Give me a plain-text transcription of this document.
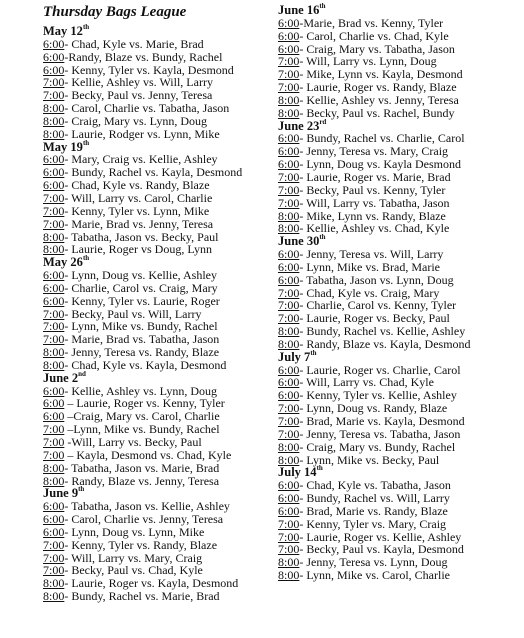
Thursday Bags League
May 12th
6:00- Chad, Kyle vs. Marie, Brad
6:00-Randy, Blaze vs. Bundy, Rachel
6:00- Kenny, Tyler vs. Kayla, Desmond
7:00- Kellie, Ashley vs. Will, Larry
7:00- Becky, Paul vs. Jenny, Teresa
8:00- Carol, Charlie vs. Tabatha, Jason
8:00- Craig, Mary vs. Lynn, Doug
8:00- Laurie, Rodger vs. Lynn, Mike
May 19th
6:00- Mary, Craig vs. Kellie, Ashley
6:00- Bundy, Rachel vs. Kayla, Desmond
6:00- Chad, Kyle vs. Randy, Blaze
7:00- Will, Larry vs. Carol, Charlie
7:00- Kenny, Tyler vs. Lynn, Mike
7:00- Marie, Brad vs. Jenny, Teresa
8:00- Tabatha, Jason vs. Becky, Paul
8:00- Laurie, Roger vs Doug, Lynn
May 26th
6:00- Lynn, Doug vs. Kellie, Ashley
6:00- Charlie, Carol vs. Craig, Mary
6:00- Kenny, Tyler vs. Laurie, Roger
7:00- Becky, Paul vs. Will, Larry
7:00- Lynn, Mike vs. Bundy, Rachel
7:00- Marie, Brad vs. Tabatha, Jason
8:00- Jenny, Teresa vs. Randy, Blaze
8:00- Chad, Kyle vs. Kayla, Desmond
June 2nd
6:00- Kellie, Ashley vs. Lynn, Doug
6:00 – Laurie, Roger vs. Kenny, Tyler
6:00 –Craig, Mary vs. Carol, Charlie
7:00 –Lynn, Mike vs. Bundy, Rachel
7:00 -Will, Larry vs. Becky, Paul
7:00 – Kayla, Desmond vs. Chad, Kyle
8:00- Tabatha, Jason vs. Marie, Brad
8:00- Randy, Blaze vs. Jenny, Teresa
June 9th
6:00- Tabatha, Jason vs. Kellie, Ashley
6:00- Carol, Charlie vs. Jenny, Teresa
6:00- Lynn, Doug vs. Lynn, Mike
7:00- Kenny, Tyler vs. Randy, Blaze
7:00- Will, Larry vs. Mary, Craig
7:00- Becky, Paul vs. Chad, Kyle
8:00- Laurie, Roger vs. Kayla, Desmond
8:00- Bundy, Rachel vs. Marie, Brad
June 16th
6:00-Marie, Brad vs. Kenny, Tyler
6:00- Carol, Charlie vs. Chad, Kyle
6:00- Craig, Mary vs. Tabatha, Jason
7:00- Will, Larry vs. Lynn, Doug
7:00- Mike, Lynn vs. Kayla, Desmond
7:00- Laurie, Roger vs. Randy, Blaze
8:00- Kellie, Ashley vs. Jenny, Teresa
8:00- Becky, Paul vs. Rachel, Bundy
June 23rd
6:00- Bundy, Rachel vs. Charlie, Carol
6:00- Jenny, Teresa vs. Mary, Craig
6:00- Lynn, Doug vs. Kayla Desmond
7:00- Laurie, Roger vs. Marie, Brad
7:00- Becky, Paul vs. Kenny, Tyler
7:00- Will, Larry vs. Tabatha, Jason
8:00- Mike, Lynn vs. Randy, Blaze
8:00- Kellie, Ashley vs. Chad, Kyle
June 30th
6:00- Jenny, Teresa vs. Will, Larry
6:00- Lynn, Mike vs. Brad, Marie
6:00- Tabatha, Jason vs. Lynn, Doug
7:00- Chad, Kyle vs. Craig, Mary
7:00- Charlie, Carol vs. Kenny, Tyler
7:00- Laurie, Roger vs. Becky, Paul
8:00- Bundy, Rachel vs. Kellie, Ashley
8:00- Randy, Blaze vs. Kayla, Desmond
July 7th
6:00- Laurie, Roger vs. Charlie, Carol
6:00- Will, Larry vs. Chad, Kyle
6:00- Kenny, Tyler vs. Kellie, Ashley
7:00- Lynn, Doug vs. Randy, Blaze
7:00- Brad, Marie vs. Kayla, Desmond
7:00- Jenny, Teresa vs. Tabatha, Jason
8:00- Craig, Mary vs. Bundy, Rachel
8:00- Lynn, Mike vs. Becky, Paul
July 14th
6:00- Chad, Kyle vs. Tabatha, Jason
6:00- Bundy, Rachel vs. Will, Larry
6:00- Brad, Marie vs. Randy, Blaze
7:00- Kenny, Tyler vs. Mary, Craig
7:00- Laurie, Roger vs. Kellie, Ashley
7:00- Becky, Paul vs. Kayla, Desmond
8:00- Jenny, Teresa vs. Lynn, Doug
8:00- Lynn, Mike vs. Carol, Charlie
